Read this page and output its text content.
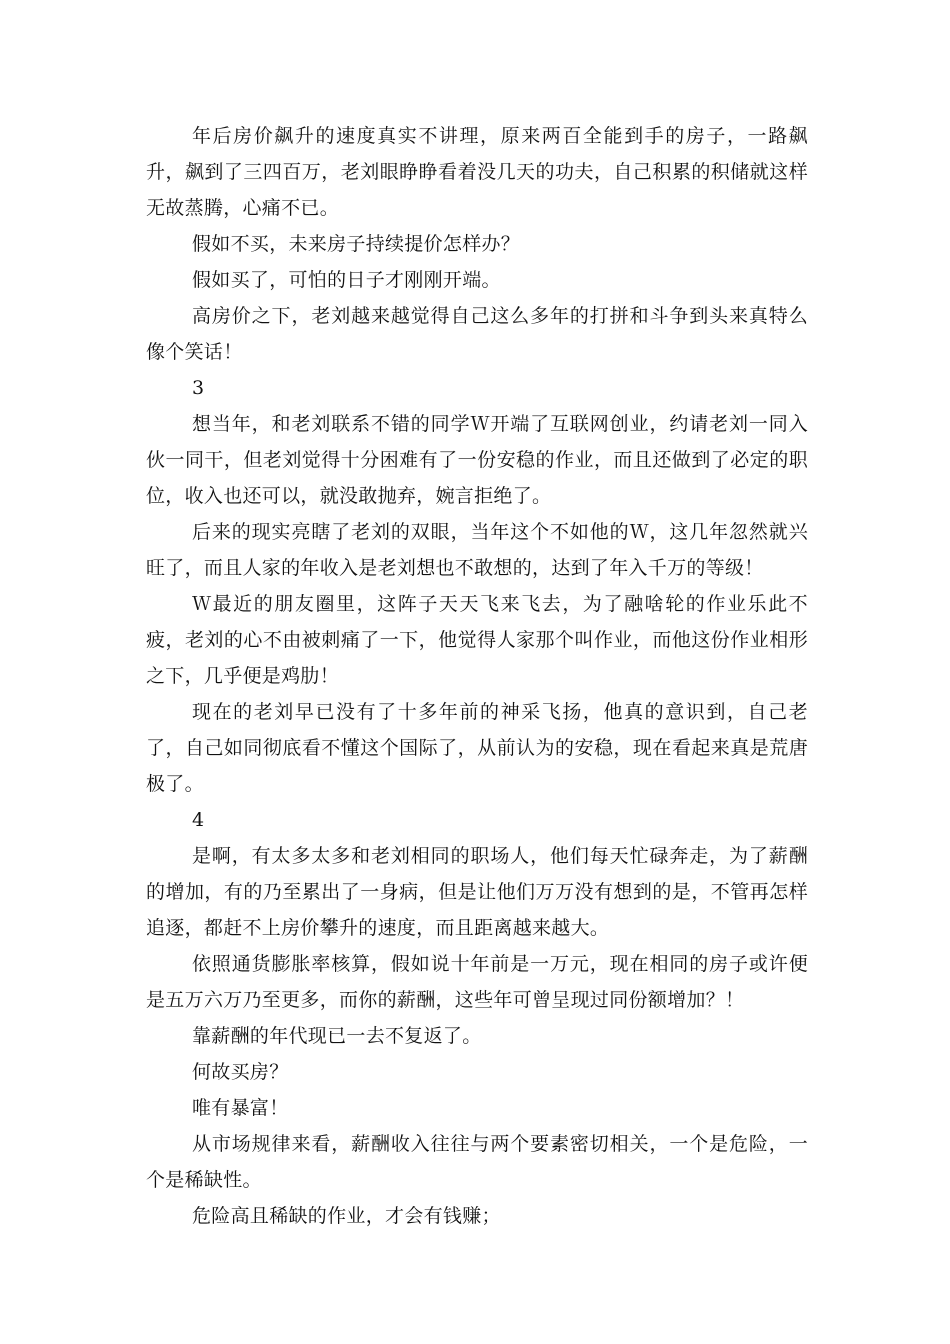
年后房价飙升的速度真实不讲理，原来两百全能到手的房子，一路飙升，飙到了三四百万，老刘眼睁睁看着没几天的功夫，自己积累的积储就这样无故蒸腾，心痛不已。

假如不买，未来房子持续提价怎样办？

假如买了，可怕的日子才刚刚开端。

高房价之下，老刘越来越觉得自己这么多年的打拼和斗争到头来真特么像个笑话！

3

想当年，和老刘联系不错的同学Ｗ开端了互联网创业，约请老刘一同入伙一同干，但老刘觉得十分困难有了一份安稳的作业，而且还做到了必定的职位，收入也还可以，就没敢抛弃，婉言拒绝了。

后来的现实亮瞎了老刘的双眼，当年这个不如他的Ｗ，这几年忽然就兴旺了，而且人家的年收入是老刘想也不敢想的，达到了年入千万的等级！

Ｗ最近的朋友圈里，这阵子天天飞来飞去，为了融啥轮的作业乐此不疲，老刘的心不由被刺痛了一下，他觉得人家那个叫作业，而他这份作业相形之下，几乎便是鸡肋！

现在的老刘早已没有了十多年前的神采飞扬，他真的意识到，自己老了，自己如同彻底看不懂这个国际了，从前认为的安稳，现在看起来真是荒唐极了。

4

是啊，有太多太多和老刘相同的职场人，他们每天忙碌奔走，为了薪酬的增加，有的乃至累出了一身病，但是让他们万万没有想到的是，不管再怎样追逐，都赶不上房价攀升的速度，而且距离越来越大。

依照通货膨胀率核算，假如说十年前是一万元，现在相同的房子或许便是五万六万乃至更多，而你的薪酬，这些年可曾呈现过同份额增加？！

靠薪酬的年代现已一去不复返了。

何故买房？

唯有暴富！

从市场规律来看，薪酬收入往往与两个要素密切相关，一个是危险，一个是稀缺性。

危险高且稀缺的作业，才会有钱赚；
